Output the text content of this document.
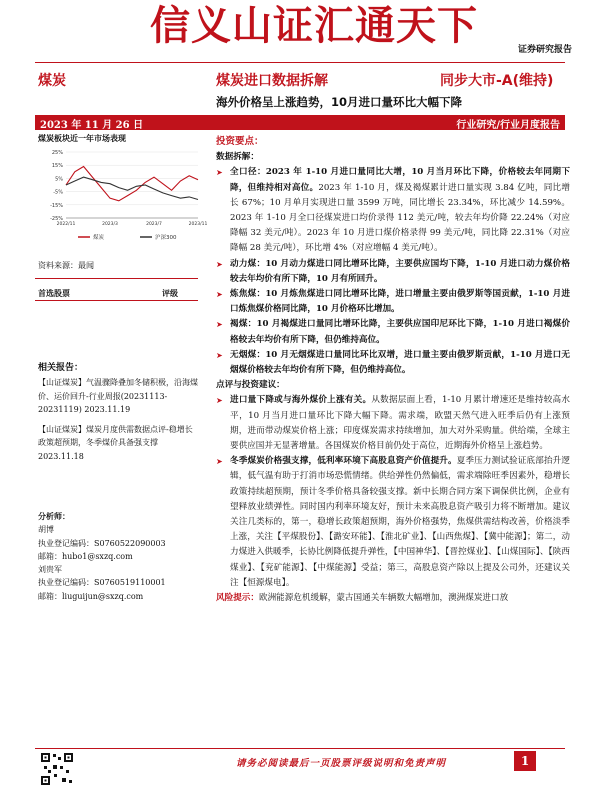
信义山证汇通天下
证券研究报告
煤炭	煤炭进口数据拆解	同步大市-A(维持)
海外价格呈上涨趋势，10月进口量环比大幅下降
2023 年 11 月 26 日	行业研究/行业月度报告
煤炭板块近一年市场表现
25%
15%
5%
-5%
-15%
-25%
2022/11	2023/3	2023/7	2023/11
煤炭	沪深300
资料来源：最闻
首选股票	评级
相关报告：

【山证煤炭】气温骤降叠加冬储积极，沿海煤价、运价回升-行业周报(20231113-20231119) 2023.11.19

【山证煤炭】煤炭月度供需数据点评-稳增长政策超预期，冬季煤价具备强支撑 2023.11.18

分析师：
胡博
执业登记编码：S0760522090003
邮箱：hubo1@sxzq.com
刘贵军
执业登记编码：S0760519110001
邮箱：liuguijun@sxzq.com

投资要点：

数据拆解：

➤ 全口径：2023 年 1-10 月进口量同比大增，10 月当月环比下降，价格较去年同期下降，但维持相对高位。2023 年 1-10 月，煤及褐煤累计进口量实现 3.84 亿吨，同比增长 67%；10 月单月实现进口量 3599 万吨，同比增长 23.34%，环比减少 14.59%。2023 年 1-10 月全口径煤炭进口均价录得 112 美元/吨，较去年均价降 22.24%（对应降幅 32 美元/吨）。2023 年 10 月进口煤价格录得 99 美元/吨，同比降 22.31%（对应降幅 28 美元/吨），环比增 4%（对应增幅 4 美元/吨）。

➤ 动力煤：10 月动力煤进口同比增环比降，主要供应国均下降，1-10 月进口动力煤价格较去年均价有所下降，10 月有所回升。

➤ 炼焦煤：10 月炼焦煤进口同比增环比降，进口增量主要由俄罗斯等国贡献，1-10 月进口炼焦煤价格同比降，10 月价格环比增加。

➤ 褐煤：10 月褐煤进口量同比增环比降，主要供应国印尼环比下降，1-10 月进口褐煤价格较去年均价有所下降，但仍维持高位。

➤ 无烟煤：10 月无烟煤进口量同比环比双增，进口量主要由俄罗斯贡献，1-10 月进口无烟煤价格较去年均价有所下降，但仍维持高位。

点评与投资建议：

➤ 进口量下降或与海外煤价上涨有关。从数据层面上看，1-10 月累计增速还是维持较高水平，10 月当月进口量环比下降大幅下降。需求端，欧盟天然气进入旺季后仍有上涨预期，进而带动煤炭价格上涨；印度煤炭需求持续增加，加大对外采购量。供给端，全球主要供应国并无显著增量。各国煤炭价格目前仍处于高位，近期海外价格呈上涨趋势。

➤ 冬季煤炭价格强支撑，低利率环境下高股息资产价值提升。夏季压力测试验证底部抬升逻辑，低气温有助于打消市场恐慌情绪。供给弹性仍然偏低，需求端除旺季因素外，稳增长政策持续超预期，预计冬季价格具备较强支撑。新中长期合同方案下调保供比例，企业有望释放业绩弹性。同时国内利率环境友好，预计未来高股息资产吸引力将不断增加。建议关注几类标的，第一，稳增长政策超预期，海外价格强势，焦煤供需结构改善，价格淡季上涨，关注【平煤股份】、【潞安环能】、【淮北矿业】、【山西焦煤】、【冀中能源】；第二，动力煤进入供暖季，长协比例降低提升弹性，【中国神华】、【晋控煤业】、【山煤国际】、【陕西煤业】、【兖矿能源】、【中煤能源】受益；第三，高股息资产除以上提及公司外，还建议关注【恒源煤电】。

风险提示：欧洲能源危机缓解，蒙古国通关车辆数大幅增加，澳洲煤炭进口放

请务必阅读最后一页股票评级说明和免责声明	1
